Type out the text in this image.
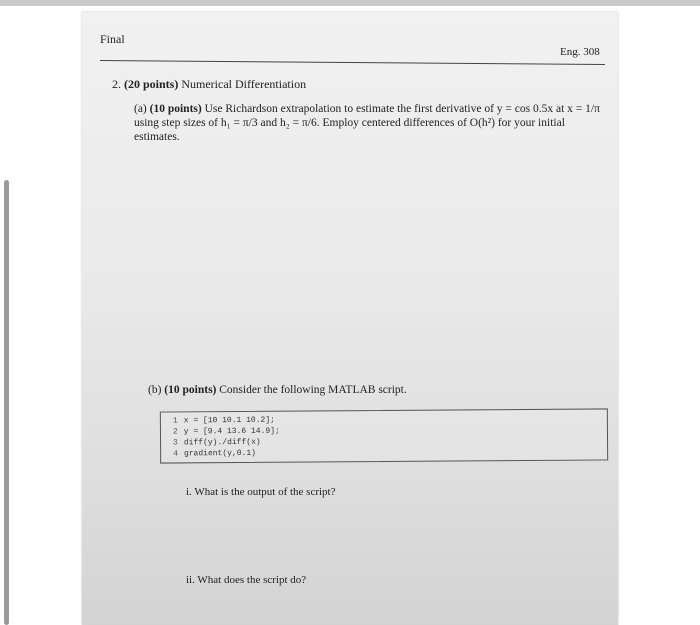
Final
Eng. 308
2. (20 points) Numerical Differentiation
(a) (10 points) Use Richardson extrapolation to estimate the first derivative of y = cos 0.5x at x = 1/π using step sizes of h₁ = π/3 and h₂ = π/6. Employ centered differences of O(h²) for your initial estimates.
(b) (10 points) Consider the following MATLAB script.
1 x = [10 10.1 10.2];
2 y = [9.4 13.6 14.9];
3 diff(y)./diff(x)
4 gradient(y,0.1)
i. What is the output of the script?
ii. What does the script do?
